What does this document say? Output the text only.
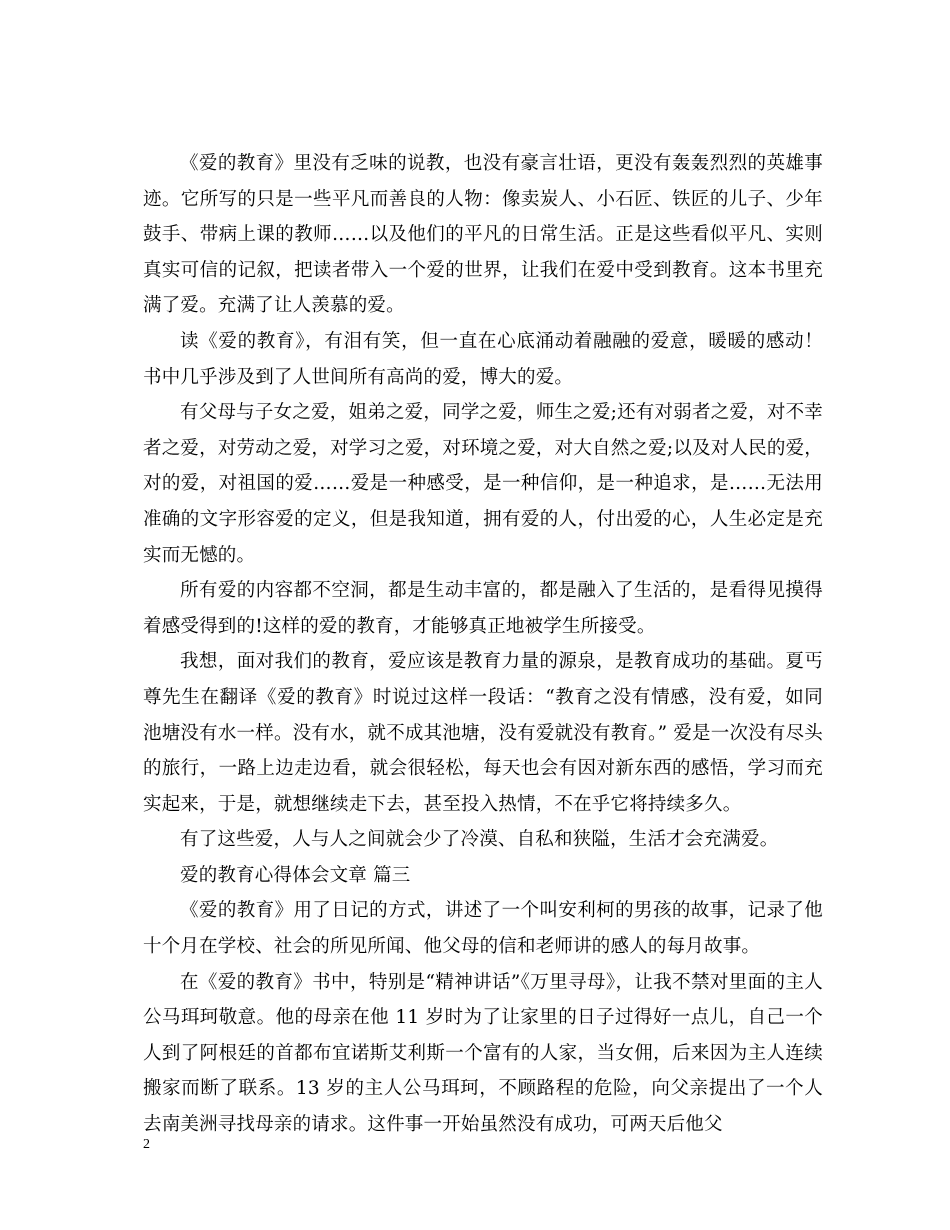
《爱的教育》里没有乏味的说教，也没有豪言壮语，更没有轰轰烈烈的英雄事迹。它所写的只是一些平凡而善良的人物：像卖炭人、小石匠、铁匠的儿子、少年鼓手、带病上课的教师……以及他们的平凡的日常生活。正是这些看似平凡、实则真实可信的记叙，把读者带入一个爱的世界，让我们在爱中受到教育。这本书里充满了爱。充满了让人羡慕的爱。

读《爱的教育》，有泪有笑，但一直在心底涌动着融融的爱意，暖暖的感动！书中几乎涉及到了人世间所有高尚的爱，博大的爱。

有父母与子女之爱，姐弟之爱，同学之爱，师生之爱;还有对弱者之爱，对不幸者之爱，对劳动之爱，对学习之爱，对环境之爱，对大自然之爱;以及对人民的爱，对的爱，对祖国的爱……爱是一种感受，是一种信仰，是一种追求，是……无法用准确的文字形容爱的定义，但是我知道，拥有爱的人，付出爱的心，人生必定是充实而无憾的。

所有爱的内容都不空洞，都是生动丰富的，都是融入了生活的，是看得见摸得着感受得到的!这样的爱的教育，才能够真正地被学生所接受。

我想，面对我们的教育，爱应该是教育力量的源泉，是教育成功的基础。夏丐尊先生在翻译《爱的教育》时说过这样一段话：“教育之没有情感，没有爱，如同池塘没有水一样。没有水，就不成其池塘，没有爱就没有教育。” 爱是一次没有尽头的旅行，一路上边走边看，就会很轻松，每天也会有因对新东西的感悟，学习而充实起来，于是，就想继续走下去，甚至投入热情，不在乎它将持续多久。

有了这些爱，人与人之间就会少了冷漠、自私和狭隘，生活才会充满爱。

爱的教育心得体会文章 篇三

《爱的教育》用了日记的方式，讲述了一个叫安利柯的男孩的故事，记录了他十个月在学校、社会的所见所闻、他父母的信和老师讲的感人的每月故事。

在《爱的教育》书中，特别是“精神讲话”《万里寻母》，让我不禁对里面的主人公马珥珂敬意。他的母亲在他 11 岁时为了让家里的日子过得好一点儿，自己一个人到了阿根廷的首都布宜诺斯艾利斯一个富有的人家，当女佣，后来因为主人连续搬家而断了联系。13 岁的主人公马珥珂，不顾路程的危险，向父亲提出了一个人去南美洲寻找母亲的请求。这件事一开始虽然没有成功，可两天后他父

2
